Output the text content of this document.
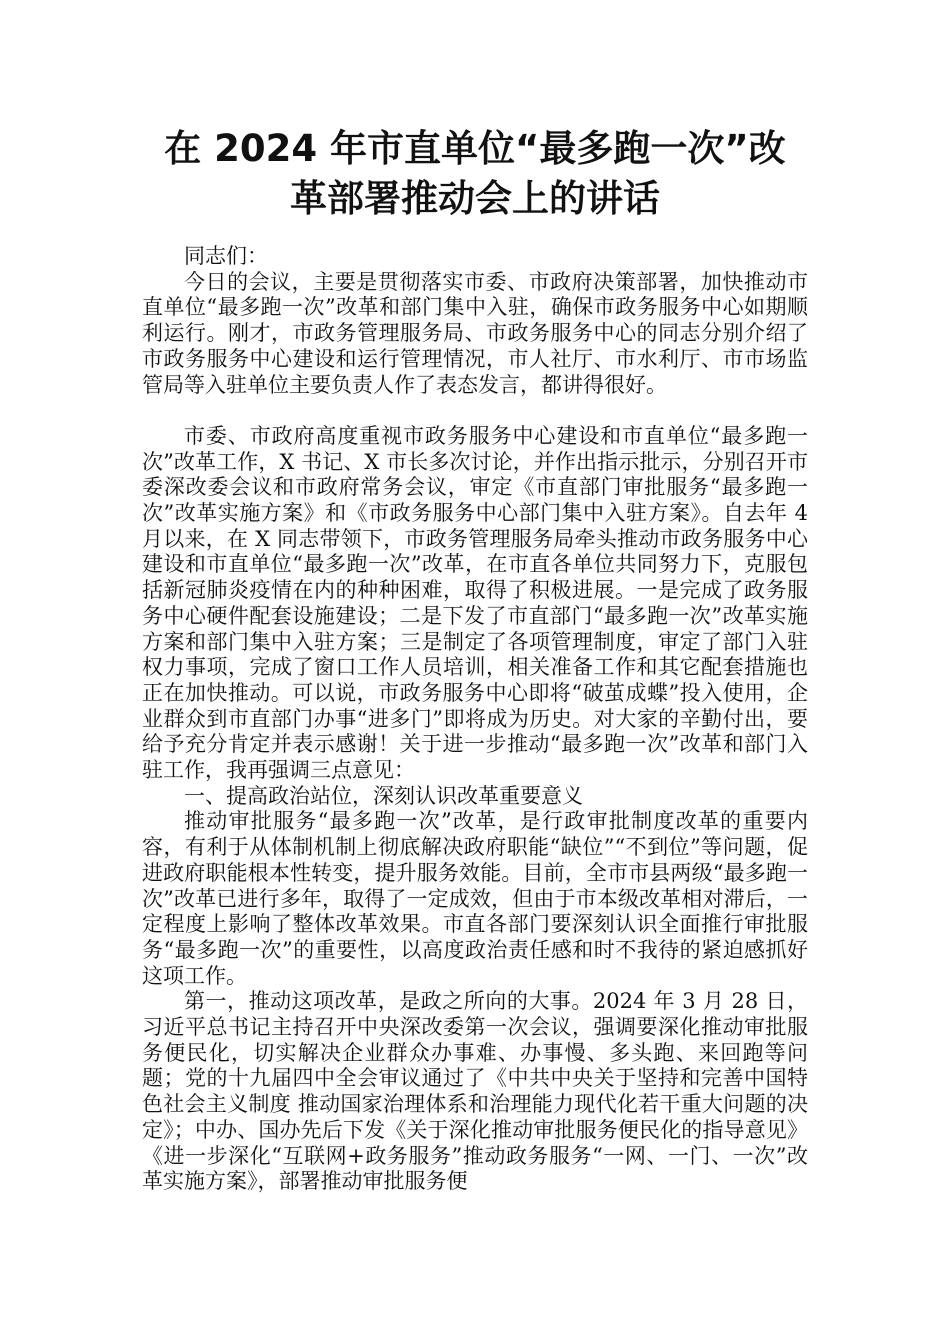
在 2024 年市直单位“最多跑一次”改
革部署推动会上的讲话

同志们：

今日的会议，主要是贯彻落实市委、市政府决策部署，加快推动市直单位“最多跑一次”改革和部门集中入驻，确保市政务服务中心如期顺利运行。刚才，市政务管理服务局、市政务服务中心的同志分别介绍了市政务服务中心建设和运行管理情况，市人社厅、市水利厅、市市场监管局等入驻单位主要负责人作了表态发言，都讲得很好。

市委、市政府高度重视市政务服务中心建设和市直单位“最多跑一次”改革工作，X 书记、X 市长多次讨论，并作出指示批示，分别召开市委深改委会议和市政府常务会议，审定《市直部门审批服务“最多跑一次”改革实施方案》和《市政务服务中心部门集中入驻方案》。自去年 4 月以来，在 X 同志带领下，市政务管理服务局牵头推动市政务服务中心建设和市直单位“最多跑一次”改革，在市直各单位共同努力下，克服包括新冠肺炎疫情在内的种种困难，取得了积极进展。一是完成了政务服务中心硬件配套设施建设；二是下发了市直部门“最多跑一次”改革实施方案和部门集中入驻方案；三是制定了各项管理制度，审定了部门入驻权力事项，完成了窗口工作人员培训，相关准备工作和其它配套措施也正在加快推动。可以说，市政务服务中心即将“破茧成蝶”投入使用，企业群众到市直部门办事“进多门”即将成为历史。对大家的辛勤付出，要给予充分肯定并表示感谢！关于进一步推动“最多跑一次”改革和部门入驻工作，我再强调三点意见：

一、提高政治站位，深刻认识改革重要意义

推动审批服务“最多跑一次”改革，是行政审批制度改革的重要内容，有利于从体制机制上彻底解决政府职能“缺位”“不到位”等问题，促进政府职能根本性转变，提升服务效能。目前，全市市县两级“最多跑一次”改革已进行多年，取得了一定成效，但由于市本级改革相对滞后，一定程度上影响了整体改革效果。市直各部门要深刻认识全面推行审批服务“最多跑一次”的重要性，以高度政治责任感和时不我待的紧迫感抓好这项工作。

第一，推动这项改革，是政之所向的大事。2024 年 3 月 28 日，习近平总书记主持召开中央深改委第一次会议，强调要深化推动审批服务便民化，切实解决企业群众办事难、办事慢、多头跑、来回跑等问题；党的十九届四中全会审议通过了《中共中央关于坚持和完善中国特色社会主义制度 推动国家治理体系和治理能力现代化若干重大问题的决定》；中办、国办先后下发《关于深化推动审批服务便民化的指导意见》《进一步深化“互联网+政务服务”推动政务服务“一网、一门、一次”改革实施方案》，部署推动审批服务便
